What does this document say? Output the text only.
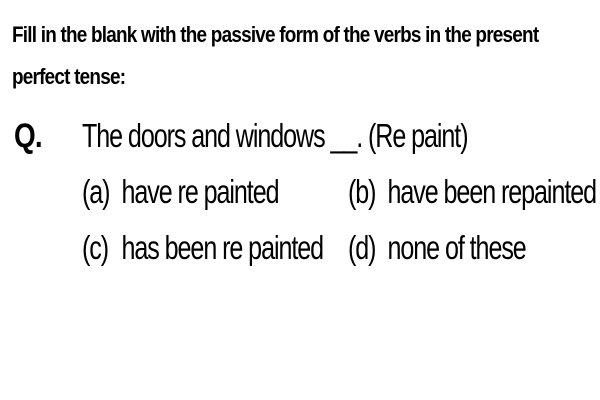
Fill in the blank with the passive form of the verbs in the present
perfect tense:
Q. The doors and windows __. (Re paint)
(a) have re painted (b) have been repainted
(c) has been re painted (d) none of these
